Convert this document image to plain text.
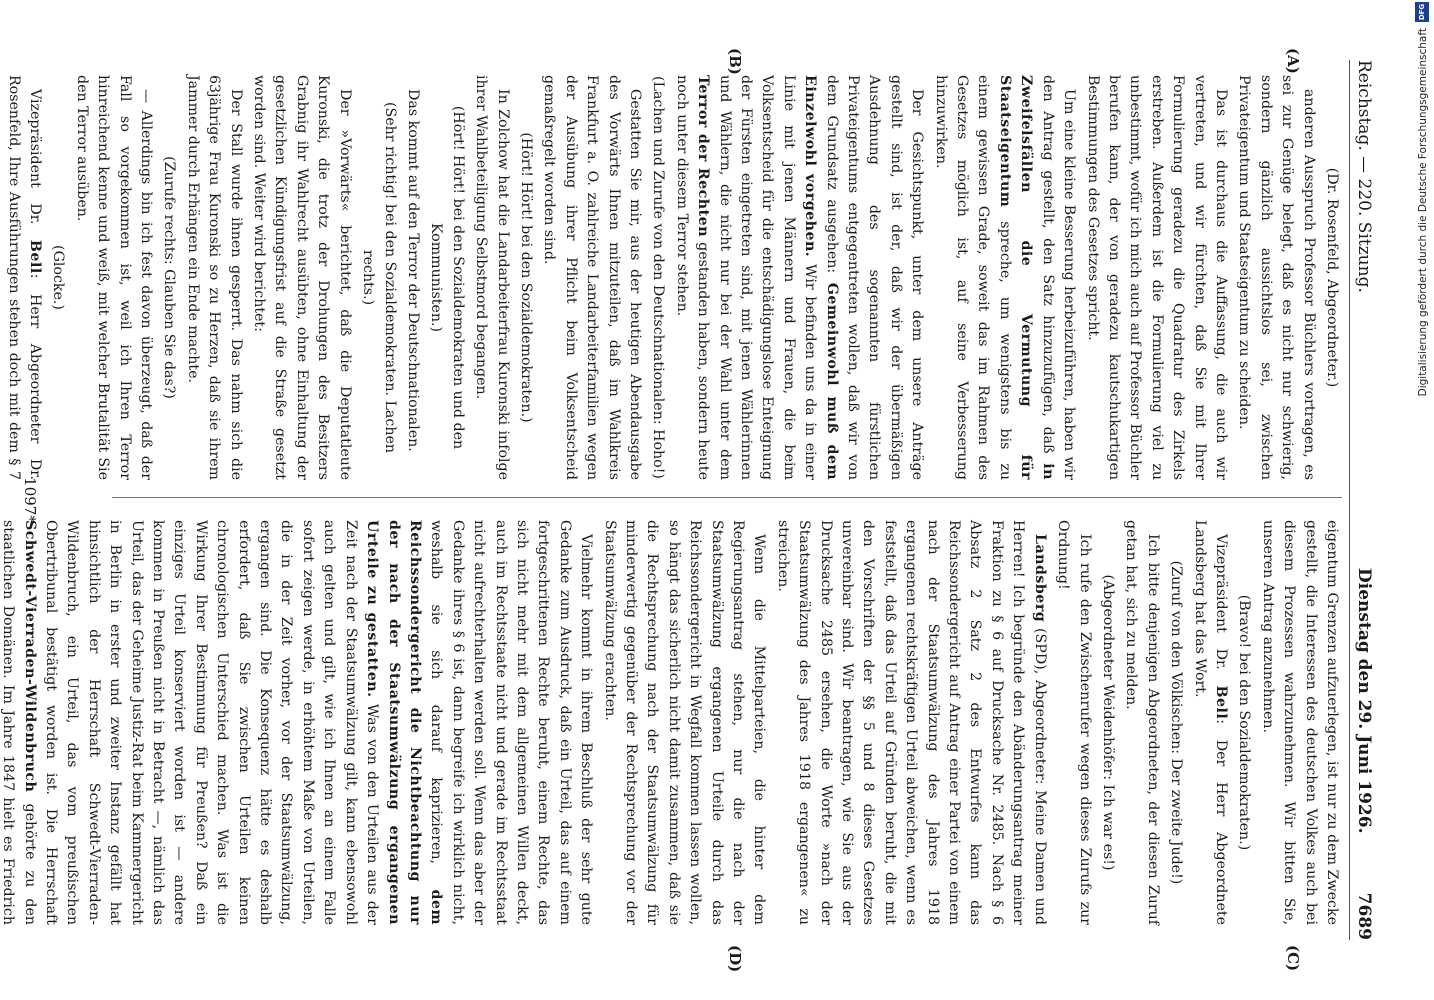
Reichstag. — 220. Sitzung.
Dienstag den 29. Juni 1926.          7689
(A)
(B)
(C)
(D)

(Dr. Rosenfeld, Abgeordneter.)

anderen Ausspruch Professor Büchlers vortragen, es sei zur Genüge belegt, daß es nicht nur schwierig, sondern gänzlich aussichtslos sei, zwischen Privateigentum und Staatseigentum zu scheiden.

Das ist durchaus die Auffassung, die auch wir vertreten, und wir fürchten, daß Sie mit Ihrer Formulierung geradezu die Quadratur des Zirkels erstreben. Außerdem ist die Formulierung viel zu unbestimmt, wofür ich mich auch auf Professor Büchler berufen kann, der von geradezu kautschukartigen Bestimmungen des Gesetzes spricht.

Um eine kleine Besserung herbeizuführen, haben wir den Antrag gestellt, den Satz hinzuzufügen, daß in Zweifelsfällen die Vermutung für Staatseigentum spreche, um wenigstens bis zu einem gewissen Grade, soweit das im Rahmen des Gesetzes möglich ist, auf seine Verbesserung hinzuwirken.

Der Gesichtspunkt, unter dem unsere Anträge gestellt sind, ist der, daß wir der übermäßigen Ausdehnung des sogenannten fürstlichen Privateigentums entgegentreten wollen, daß wir von dem Grundsatz ausgehen: Gemeinwohl muß dem Einzelwohl vorgehen. Wir befinden uns da in einer Linie mit jenen Männern und Frauen, die beim Volksentscheid für die entschädigungslose Enteignung der Fürsten eingetreten sind, mit jenen Wählerinnen und Wählern, die nicht nur bei der Wahl unter dem Terror der Rechten gestanden haben, sondern heute noch unter diesem Terror stehen.

(Lachen und Zurufe von den Deutschnationalen: Hoho!)

Gestatten Sie mir, aus der heutigen Abendausgabe des Vorwärts Ihnen mitzuteilen, daß im Wahlkreis Frankfurt a. O. zahlreiche Landarbeiterfamilien wegen der Ausübung ihrer Pflicht beim Volksentscheid gemaßregelt worden sind.

(Hört! Hört! bei den Sozialdemokraten.)

In Zolchow hat die Landarbeiterfrau Kuronski infolge ihrer Wahlbeteiligung Selbstmord begangen.

(Hört! Hört! bei den Sozialdemokraten und den Kommunisten.)

Das kommt auf den Terror der Deutschnationalen.

(Sehr richtig! bei den Sozialdemokraten. Lachen rechts.)

Der »Vorwärts« berichtet, daß die Deputatleute Kuronski, die trotz der Drohungen des Besitzers Grabnig ihr Wahlrecht ausübten, ohne Einhaltung der gesetzlichen Kündigungsfrist auf die Straße gesetzt worden sind. Weiter wird berichtet:

Der Stall wurde ihnen gesperrt. Das nahm sich die 63jährige Frau Kuronski so zu Herzen, daß sie ihrem Jammer durch Erhängen ein Ende machte.

(Zurufe rechts: Glauben Sie das?)

— Allerdings bin ich fest davon überzeugt, daß der Fall so vorgekommen ist, weil ich Ihren Terror hinreichend kenne und weiß, mit welcher Brutalität Sie den Terror ausüben.

(Glocke.)

Vizepräsident Dr. Bell: Herr Abgeordneter Dr. Rosenfeld, Ihre Ausführungen stehen doch mit dem § 7

eigentum Grenzen aufzuerlegen, ist nur zu dem Zwecke gestellt, die Interessen des deutschen Volkes auch bei diesem Prozessen wahrzunehmen. Wir bitten Sie, unseren Antrag anzunehmen.

(Bravo! bei den Sozialdemokraten.)

Vizepräsident Dr. Bell: Der Herr Abgeordnete Landsberg hat das Wort.

(Zuruf von den Völkischen: Der zweite Jude!)

Ich bitte denjenigen Abgeordneten, der diesen Zuruf getan hat, sich zu melden.

(Abgeordneter Weidenhöfer: Ich war es!)

Ich rufe den Zwischenrufer wegen dieses Zurufs zur Ordnung!

Landsberg (SPD), Abgeordneter: Meine Damen und Herren! Ich begründe den Abänderungsantrag meiner Fraktion zu § 6 auf Drucksache Nr. 2485. Nach § 6 Absatz 2 Satz 2 des Entwurfes kann das Reichssondergericht auf Antrag einer Partei von einem nach der Staatsumwälzung des Jahres 1918 ergangenen rechtskräftigen Urteil abweichen, wenn es feststellt, daß das Urteil auf Gründen beruht, die mit den Vorschriften der §§ 5 und 8 dieses Gesetzes unvereinbar sind. Wir beantragen, wie Sie aus der Drucksache 2485 ersehen, die Worte »nach der Staatsumwälzung des Jahres 1918 ergangenen« zu streichen.

Wenn die Mittelparteien, die hinter dem Regierungsantrag stehen, nur die nach der Staatsumwälzung ergangenen Urteile durch das Reichssondergericht in Wegfall kommen lassen wollen, so hängt das sicherlich nicht damit zusammen, daß sie die Rechtsprechung nach der Staatsumwälzung für minderwertig gegenüber der Rechtsprechung vor der Staatsumwälzung erachten.

Vielmehr kommt in ihrem Beschluß der sehr gute Gedanke zum Ausdruck, daß ein Urteil, das auf einem fortgeschrittenen Rechte beruht, einem Rechte, das sich nicht mehr mit dem allgemeinen Willen deckt, auch im Rechtsstaate nicht und gerade im Rechtsstaat nicht aufrechterhalten werden soll. Wenn das aber der Gedanke ihres § 6 ist, dann begreife ich wirklich nicht, weshalb sie sich darauf kaprizieren, dem Reichssondergericht die Nichtbeachtung nur der nach der Staatsumwälzung ergangenen Urteile zu gestatten. Was von den Urteilen aus der Zeit nach der Staatsumwälzung gilt, kann ebensowohl auch gelten und gilt, wie ich Ihnen an einem Falle sofort zeigen werde, in erhöhtem Maße von Urteilen, die in der Zeit vorher, vor der Staatsumwälzung, ergangen sind. Die Konsequenz hätte es deshalb erfordert, daß Sie zwischen Urteilen keinen chronologischen Unterschied machen. Was ist die Wirkung Ihrer Bestimmung für Preußen? Daß ein einziges Urteil konserviert worden ist — andere kommen in Preußen nicht in Betracht —, nämlich das Urteil, das der Geheime Justiz-Rat beim Kammergericht in Berlin in erster und zweiter Instanz gefällt hat hinsichtlich der Herrschaft Schwedt-Vierraden-Wildenbruch, ein Urteil, das vom preußischen Obertribunal bestätigt worden ist. Die Herrschaft Schwedt-Vierraden-Wildenbruch gehörte zu den staatlichen Domänen. Im Jahre 1847 hielt es Friedrich

1097*
Digitalisierung gefördert durch die Deutsche Forschungsgemeinschaft
DFG
